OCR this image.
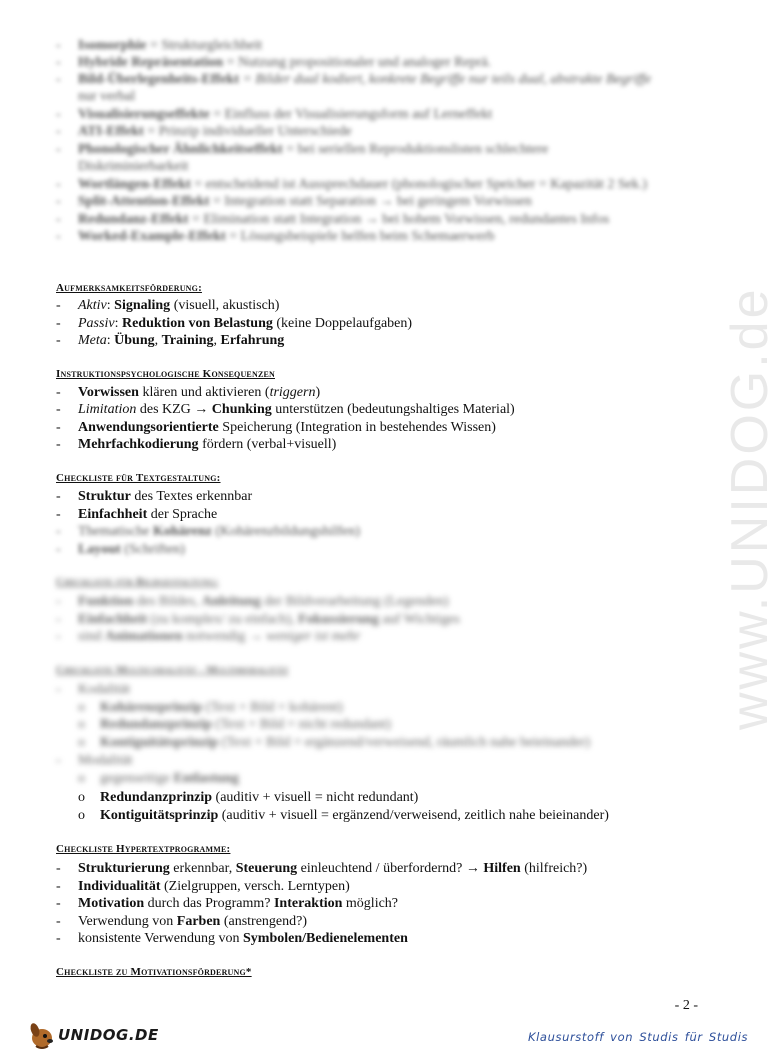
www.UNIDOG.de
- Isomorphie = Strukturgleichheit
- Hybride Repräsentation = Nutzung propositionaler und analoger Reprä.
- Bild-Überlegenheits-Effekt = Bilder dual kodiert, konkrete Begriffe nur teils dual, abstrakte Begriffe
nur verbal
- Visualisierungseffekte = Einfluss der Visualisierungsform auf Lerneffekt
- ATI-Effekt = Prinzip individueller Unterschiede
- Phonologischer Ähnlichkeitseffekt = bei seriellen Reproduktionslisten schlechtere
Diskriminierbarkeit
- Wortlängen-Effekt = entscheidend ist Aussprechdauer (phonologischer Speicher = Kapazität 2 Sek.)
- Split-Attention-Effekt = Integration statt Separation → bei geringem Vorwissen
- Redundanz-Effekt = Elimination statt Integration → bei hohem Vorwissen, redundantes Infos
- Worked-Example-Effekt = Lösungsbeispiele helfen beim Schemaerwerb
Aufmerksamkeitsförderung:
- Aktiv: Signaling (visuell, akustisch)
- Passiv: Reduktion von Belastung (keine Doppelaufgaben)
- Meta: Übung, Training, Erfahrung
Instruktionspsychologische Konsequenzen
- Vorwissen klären und aktivieren (triggern)
- Limitation des KZG → Chunking unterstützen (bedeutungshaltiges Material)
- Anwendungsorientierte Speicherung (Integration in bestehendes Wissen)
- Mehrfachkodierung fördern (verbal+visuell)
Checkliste für Textgestaltung:
- Struktur des Textes erkennbar
- Einfachheit der Sprache
- Thematische Kohärenz (Kohärenzbildungshilfen)
- Layout (Schriften)
Checkliste für Bildgestaltung:
- Funktion des Bildes, Anleitung der Bildverarbeitung (Legenden)
- Einfachheit (zu komplex/ zu einfach), Fokussierung auf Wichtiges
- sind Animationen notwendig → weniger ist mehr
Checkliste Multicodalität - Multimodalität
- Kodalität
o Kohärenzprinzip (Text + Bild = kohärent)
o Redundanzprinzip (Text + Bild = nicht redundant)
o Kontiguitätsprinzip (Text + Bild = ergänzend/verweisend, räumlich nahe beieinander)
- Modalität
o gegenseitige Entlastung
o Redundanzprinzip (auditiv + visuell = nicht redundant)
o Kontiguitätsprinzip (auditiv + visuell = ergänzend/verweisend, zeitlich nahe beieinander)
Checkliste Hypertextprogramme:
- Strukturierung erkennbar, Steuerung einleuchtend / überfordernd? → Hilfen (hilfreich?)
- Individualität (Zielgruppen, versch. Lerntypen)
- Motivation durch das Programm? Interaktion möglich?
- Verwendung von Farben (anstrengend?)
- konsistente Verwendung von Symbolen/Bedienelementen
Checkliste zu Motivationsförderung*
- 2 -
UNIDOG.DE	Klausurstoff von Studis für Studis
